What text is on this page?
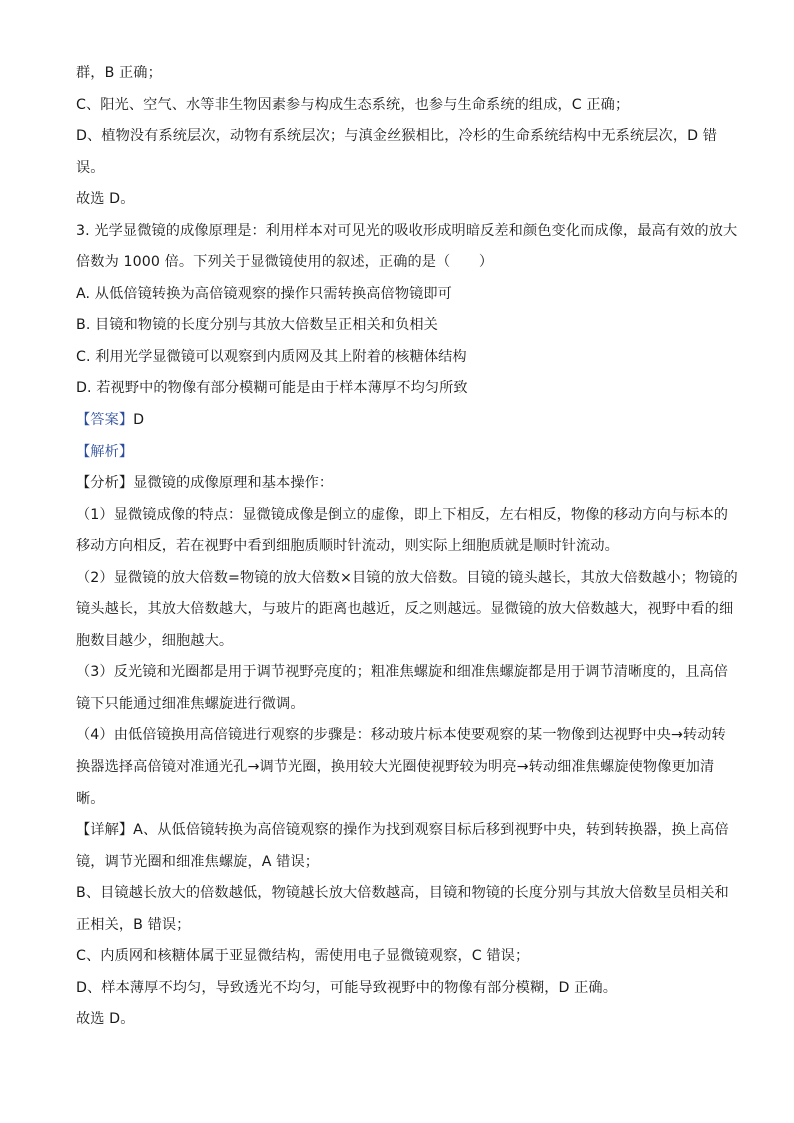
群，B 正确；
C、阳光、空气、水等非生物因素参与构成生态系统，也参与生命系统的组成，C 正确；
D、植物没有系统层次，动物有系统层次；与滇金丝猴相比，冷杉的生命系统结构中无系统层次，D 错
误。
故选 D。
3. 光学显微镜的成像原理是：利用样本对可见光的吸收形成明暗反差和颜色变化而成像，最高有效的放大
倍数为 1000 倍。下列关于显微镜使用的叙述，正确的是（　　）
A. 从低倍镜转换为高倍镜观察的操作只需转换高倍物镜即可
B. 目镜和物镜的长度分别与其放大倍数呈正相关和负相关
C. 利用光学显微镜可以观察到内质网及其上附着的核糖体结构
D. 若视野中的物像有部分模糊可能是由于样本薄厚不均匀所致
【答案】D
【解析】
【分析】显微镜的成像原理和基本操作：
（1）显微镜成像的特点：显微镜成像是倒立的虚像，即上下相反，左右相反，物像的移动方向与标本的
移动方向相反，若在视野中看到细胞质顺时针流动，则实际上细胞质就是顺时针流动。
（2）显微镜的放大倍数=物镜的放大倍数×目镜的放大倍数。目镜的镜头越长，其放大倍数越小；物镜的
镜头越长，其放大倍数越大，与玻片的距离也越近，反之则越远。显微镜的放大倍数越大，视野中看的细
胞数目越少，细胞越大。
（3）反光镜和光圈都是用于调节视野亮度的；粗准焦螺旋和细准焦螺旋都是用于调节清晰度的，且高倍
镜下只能通过细准焦螺旋进行微调。
（4）由低倍镜换用高倍镜进行观察的步骤是：移动玻片标本使要观察的某一物像到达视野中央→转动转
换器选择高倍镜对准通光孔→调节光圈，换用较大光圈使视野较为明亮→转动细准焦螺旋使物像更加清
晰。
【详解】A、从低倍镜转换为高倍镜观察的操作为找到观察目标后移到视野中央，转到转换器，换上高倍
镜，调节光圈和细准焦螺旋，A 错误；
B、目镜越长放大的倍数越低，物镜越长放大倍数越高，目镜和物镜的长度分别与其放大倍数呈员相关和
正相关，B 错误；
C、内质网和核糖体属于亚显微结构，需使用电子显微镜观察，C 错误；
D、样本薄厚不均匀，导致透光不均匀，可能导致视野中的物像有部分模糊，D 正确。
故选 D。
